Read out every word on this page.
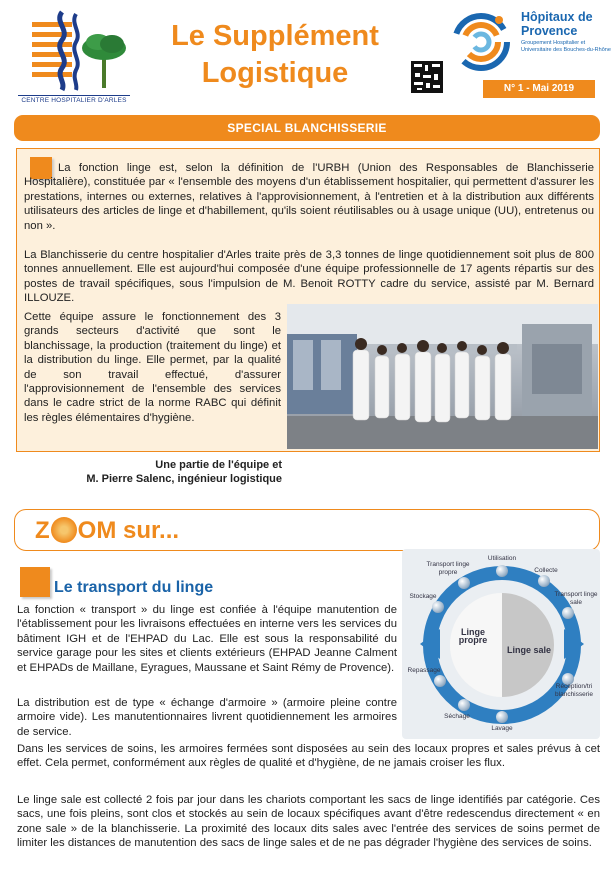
CENTRE HOSPITALIER D'ARLES
Le Supplément Logistique
Hôpitaux de Provence
Groupement Hospitalier et Universitaire des Bouches-du-Rhône
N° 1 - Mai 2019
SPECIAL BLANCHISSERIE
La fonction linge est, selon la définition de l'URBH (Union des Responsables de Blanchisserie Hospitalière), constituée par « l'ensemble des moyens d'un établissement hospitalier, qui permettent d'assurer les prestations, internes ou externes, relatives à l'approvisionnement, à l'entretien et à la distribution aux différents utilisateurs des articles de linge et d'habillement, qu'ils soient réutilisables ou à usage unique (UU), entretenus ou non ».
La Blanchisserie du centre hospitalier d'Arles traite près de 3,3 tonnes de linge quotidiennement soit plus de 800 tonnes annuellement. Elle est aujourd'hui composée d'une équipe professionnelle de 17 agents répartis sur des postes de travail spécifiques, sous l'impulsion de M. Benoit ROTTY cadre du service, assisté par M. Bernard ILLOUZE.
Cette équipe assure le fonctionnement des 3 grands secteurs d'activité que sont le blanchissage, la production (traitement du linge) et la distribution du linge. Elle permet, par la qualité de son travail effectué, d'assurer l'approvisionnement de l'ensemble des services dans le cadre strict de la norme RABC qui définit les règles élémentaires d'hygiène.
Une partie de l'équipe et
M. Pierre Salenc, ingénieur logistique
Z OM sur...
Le transport du linge
La fonction « transport » du linge est confiée à l'équipe manutention de l'établissement pour les livraisons effectuées en interne vers les services du bâtiment IGH et de l'EHPAD du Lac. Elle est sous la responsabilité du service garage pour les sites et clients extérieurs (EHPAD Jeanne Calment et EHPADs de Maillane, Eyragues, Maussane et Saint Rémy de Provence).
La distribution est de type « échange d'armoire » (armoire pleine contre armoire vide). Les manutentionnaires livrent quotidiennement les armoires de service.
Dans les services de soins, les armoires fermées sont disposées au sein des locaux propres et sales prévus à cet effet. Cela permet, conformément aux règles de qualité et d'hygiène, de ne jamais croiser les flux.
Le linge sale est collecté 2 fois par jour dans les chariots comportant les sacs de linge identifiés par catégorie. Ces sacs, une fois pleins, sont clos et stockés au sein de locaux spécifiques avant d'être redescendus directement « en zone sale » de la blanchisserie. La proximité des locaux dits sales avec l'entrée des services de soins permet de limiter les distances de manutention des sacs de linge sales et de ne pas dégrader l'hygiène des services de soins.
Utilisation
Transport linge propre	Collecte
Stockage	Transport linge sale
Linge propre
Linge sale
Repassage
Réception/tri blanchisserie
Séchage
Lavage
